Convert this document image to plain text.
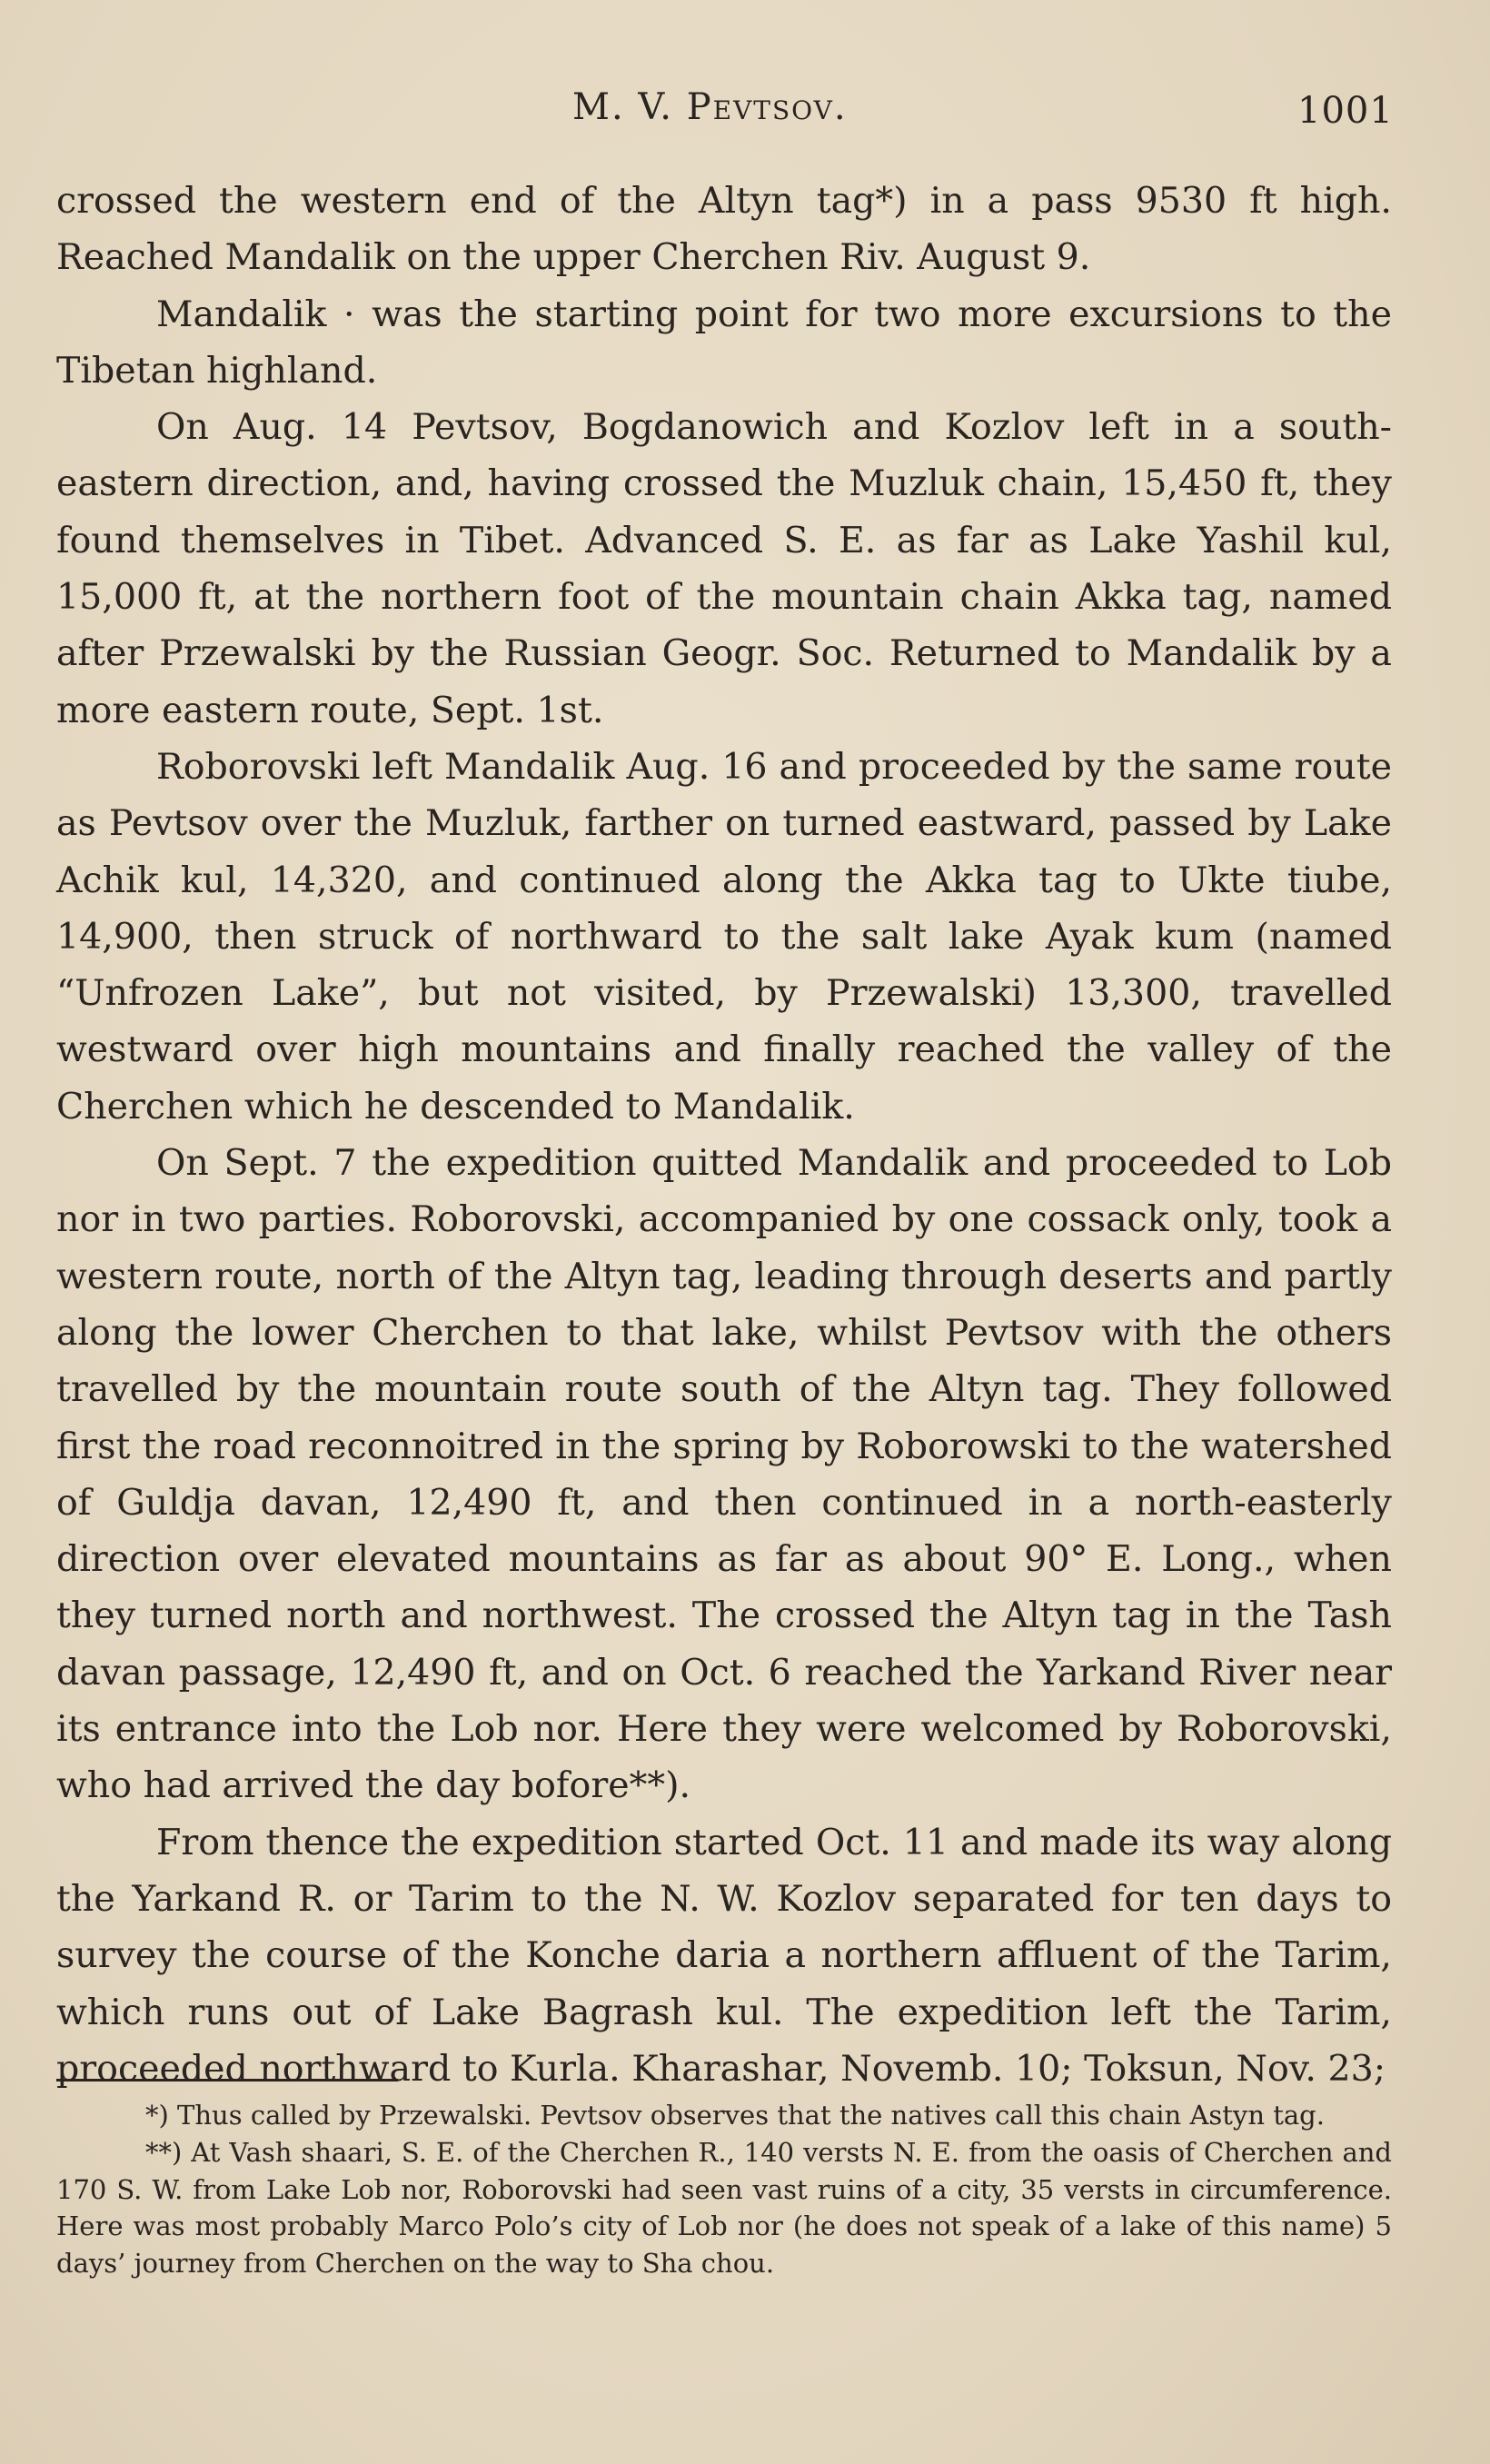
M. V. Pevtsov.	1001

crossed the western end of the Altyn tag*) in a pass 9530 ft high. Reached Mandalik on the upper Cherchen Riv. August 9.

Mandalik · was the starting point for two more excursions to the Tibetan highland.

On Aug. 14 Pevtsov, Bogdanowich and Kozlov left in a south-eastern direction, and, having crossed the Muzluk chain, 15,450 ft, they found themselves in Tibet. Advanced S. E. as far as Lake Yashil kul, 15,000 ft, at the northern foot of the mountain chain Akka tag, named after Przewalski by the Russian Geogr. Soc. Returned to Mandalik by a more eastern route, Sept. 1st.

Roborovski left Mandalik Aug. 16 and proceeded by the same route as Pevtsov over the Muzluk, farther on turned eastward, passed by Lake Achik kul, 14,320, and continued along the Akka tag to Ukte tiube, 14,900, then struck of northward to the salt lake Ayak kum (named “Unfrozen Lake”, but not visited, by Przewalski) 13,300, travelled westward over high mountains and finally reached the valley of the Cherchen which he descended to Mandalik.

On Sept. 7 the expedition quitted Mandalik and proceeded to Lob nor in two parties. Roborovski, accompanied by one cossack only, took a western route, north of the Altyn tag, leading through deserts and partly along the lower Cherchen to that lake, whilst Pevtsov with the others travelled by the mountain route south of the Altyn tag. They followed first the road reconnoitred in the spring by Roborowski to the watershed of Guldja davan, 12,490 ft, and then continued in a north-easterly direction over elevated mountains as far as about 90° E. Long., when they turned north and northwest. The crossed the Altyn tag in the Tash davan passage, 12,490 ft, and on Oct. 6 reached the Yarkand River near its entrance into the Lob nor. Here they were welcomed by Roborovski, who had arrived the day bofore**).

From thence the expedition started Oct. 11 and made its way along the Yarkand R. or Tarim to the N. W. Kozlov separated for ten days to survey the course of the Konche daria a northern affluent of the Tarim, which runs out of Lake Bagrash kul. The expedition left the Tarim, proceeded northward to Kurla. Kharashar, Novemb. 10; Toksun, Nov. 23;

*) Thus called by Przewalski. Pevtsov observes that the natives call this chain Astyn tag.

**) At Vash shaari, S. E. of the Cherchen R., 140 versts N. E. from the oasis of Cherchen and 170 S. W. from Lake Lob nor, Roborovski had seen vast ruins of a city, 35 versts in circumference. Here was most probably Marco Polo’s city of Lob nor (he does not speak of a lake of this name) 5 days’ journey from Cherchen on the way to Sha chou.
